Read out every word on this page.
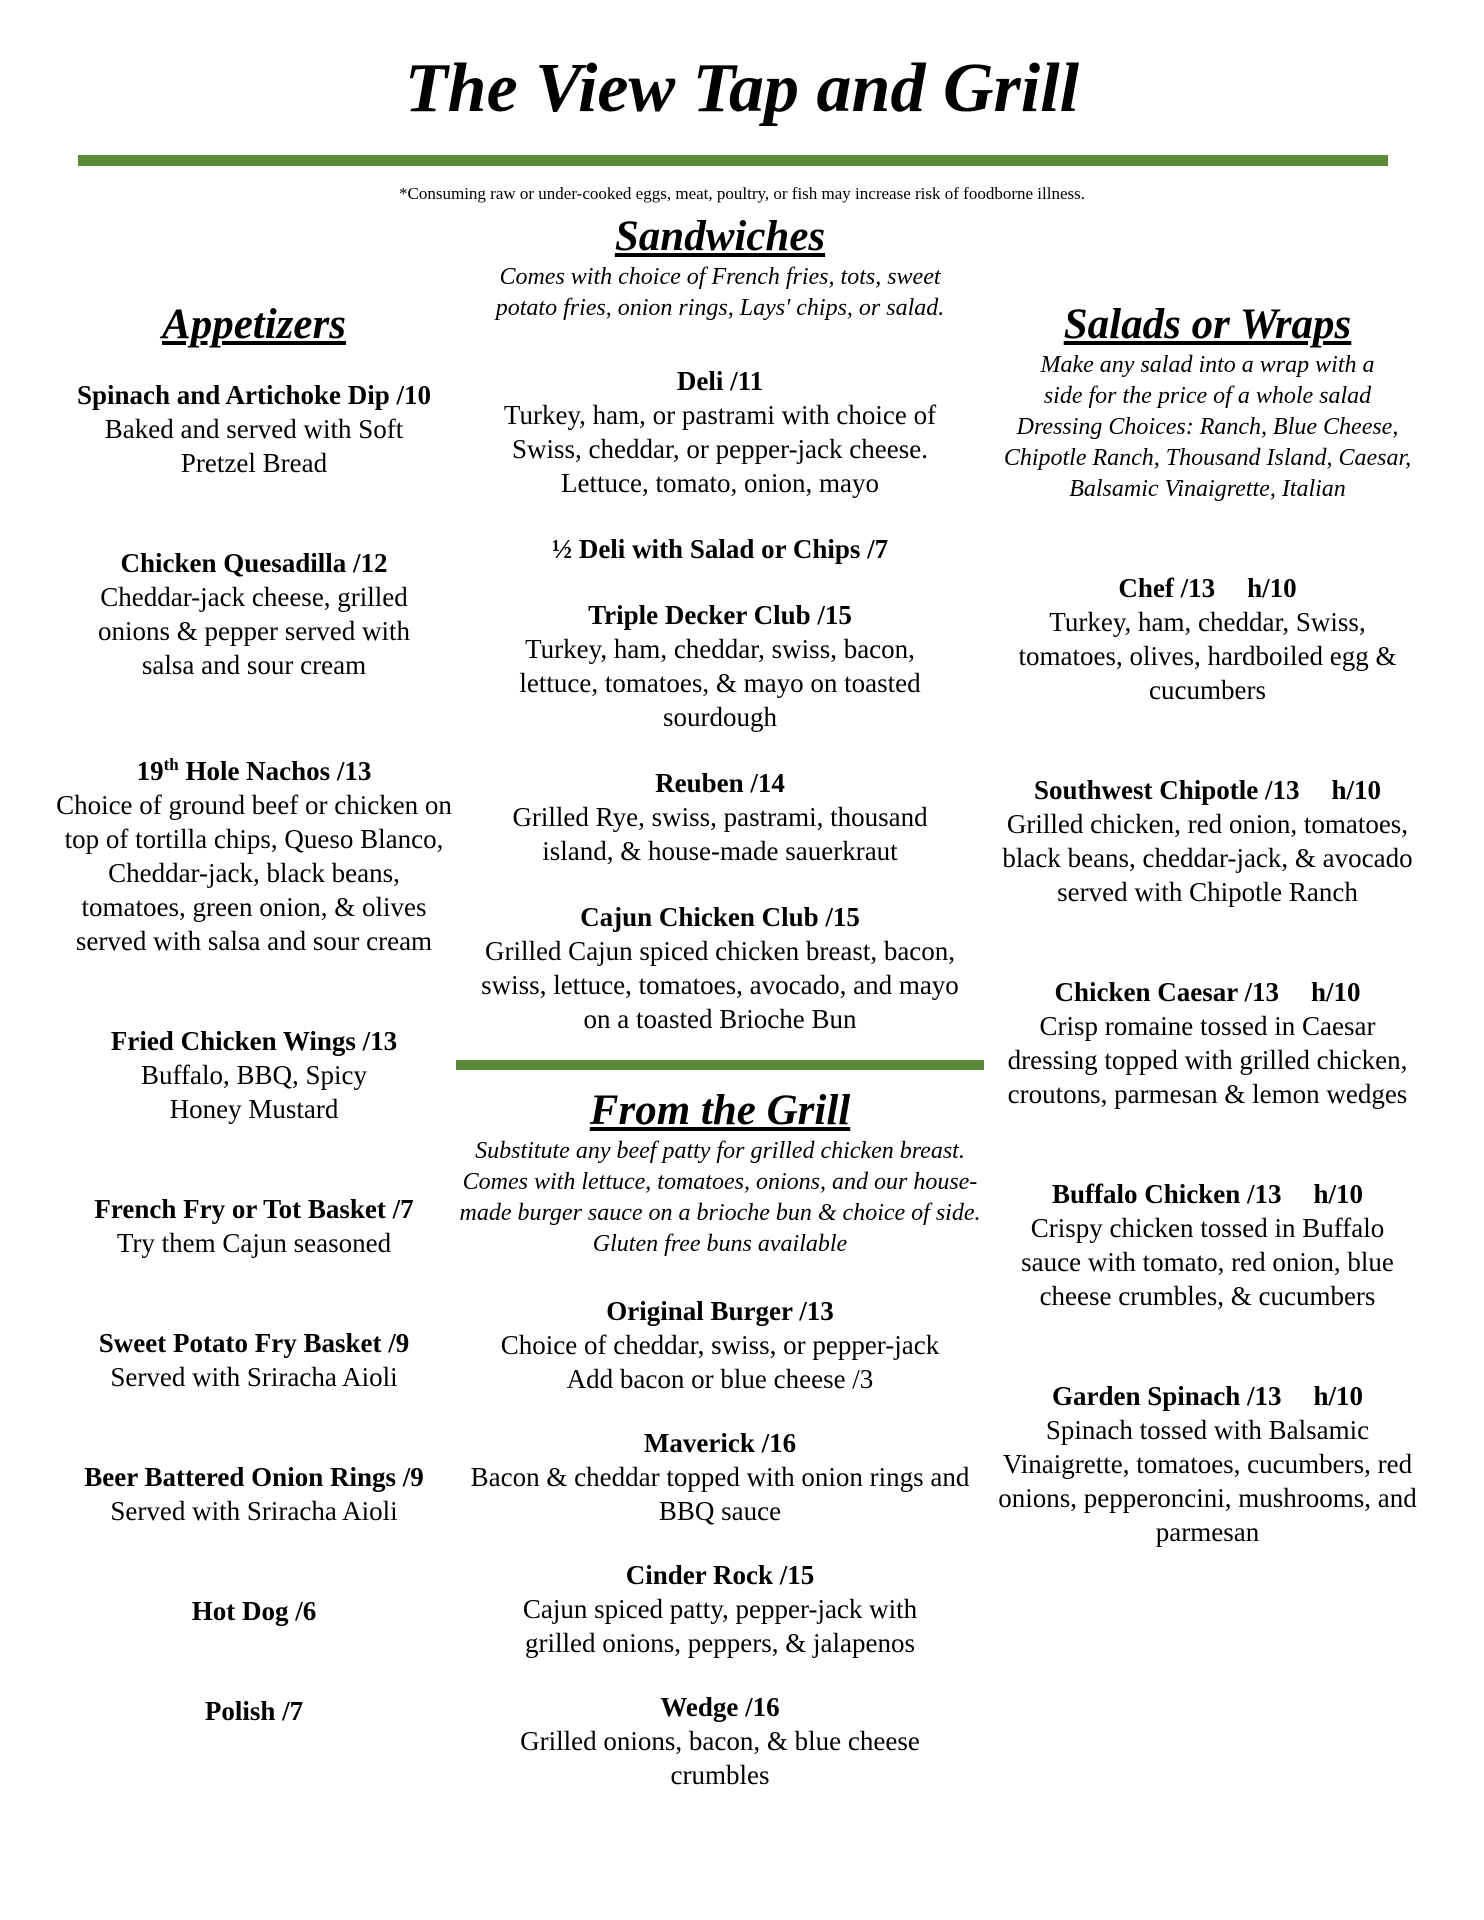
The View Tap and Grill
*Consuming raw or under-cooked eggs, meat, poultry, or fish may increase risk of foodborne illness.
Appetizers
Spinach and Artichoke Dip /10
Baked and served with Soft Pretzel Bread
Chicken Quesadilla /12
Cheddar-jack cheese, grilled onions & pepper served with salsa and sour cream
19th Hole Nachos /13
Choice of ground beef or chicken on top of tortilla chips, Queso Blanco, Cheddar-jack, black beans, tomatoes, green onion, & olives served with salsa and sour cream
Fried Chicken Wings /13
Buffalo, BBQ, Spicy Honey Mustard
French Fry or Tot Basket /7
Try them Cajun seasoned
Sweet Potato Fry Basket /9
Served with Sriracha Aioli
Beer Battered Onion Rings /9
Served with Sriracha Aioli
Hot Dog /6
Polish /7
Sandwiches

Comes with choice of French fries, tots, sweet potato fries, onion rings, Lays' chips, or salad.

Deli /11
Turkey, ham, or pastrami with choice of Swiss, cheddar, or pepper-jack cheese. Lettuce, tomato, onion, mayo
½ Deli with Salad or Chips /7
Triple Decker Club /15
Turkey, ham, cheddar, swiss, bacon, lettuce, tomatoes, & mayo on toasted sourdough
Reuben /14
Grilled Rye, swiss, pastrami, thousand island, & house-made sauerkraut
Cajun Chicken Club /15
Grilled Cajun spiced chicken breast, bacon, swiss, lettuce, tomatoes, avocado, and mayo on a toasted Brioche Bun
From the Grill

Substitute any beef patty for grilled chicken breast. Comes with lettuce, tomatoes, onions, and our house-made burger sauce on a brioche bun & choice of side.

Gluten free buns available

Original Burger /13
Choice of cheddar, swiss, or pepper-jack
Add bacon or blue cheese /3
Maverick /16
Bacon & cheddar topped with onion rings and BBQ sauce
Cinder Rock /15
Cajun spiced patty, pepper-jack with grilled onions, peppers, & jalapenos
Wedge /16
Grilled onions, bacon, & blue cheese crumbles
Salads or Wraps

Make any salad into a wrap with a side for the price of a whole salad

Dressing Choices: Ranch, Blue Cheese, Chipotle Ranch, Thousand Island, Caesar, Balsamic Vinaigrette, Italian

Chef /13 h/10
Turkey, ham, cheddar, Swiss, tomatoes, olives, hardboiled egg & cucumbers
Southwest Chipotle /13 h/10
Grilled chicken, red onion, tomatoes, black beans, cheddar-jack, & avocado served with Chipotle Ranch
Chicken Caesar /13 h/10
Crisp romaine tossed in Caesar dressing topped with grilled chicken, croutons, parmesan & lemon wedges
Buffalo Chicken /13 h/10
Crispy chicken tossed in Buffalo sauce with tomato, red onion, blue cheese crumbles, & cucumbers
Garden Spinach /13 h/10
Spinach tossed with Balsamic Vinaigrette, tomatoes, cucumbers, red onions, pepperoncini, mushrooms, and parmesan
